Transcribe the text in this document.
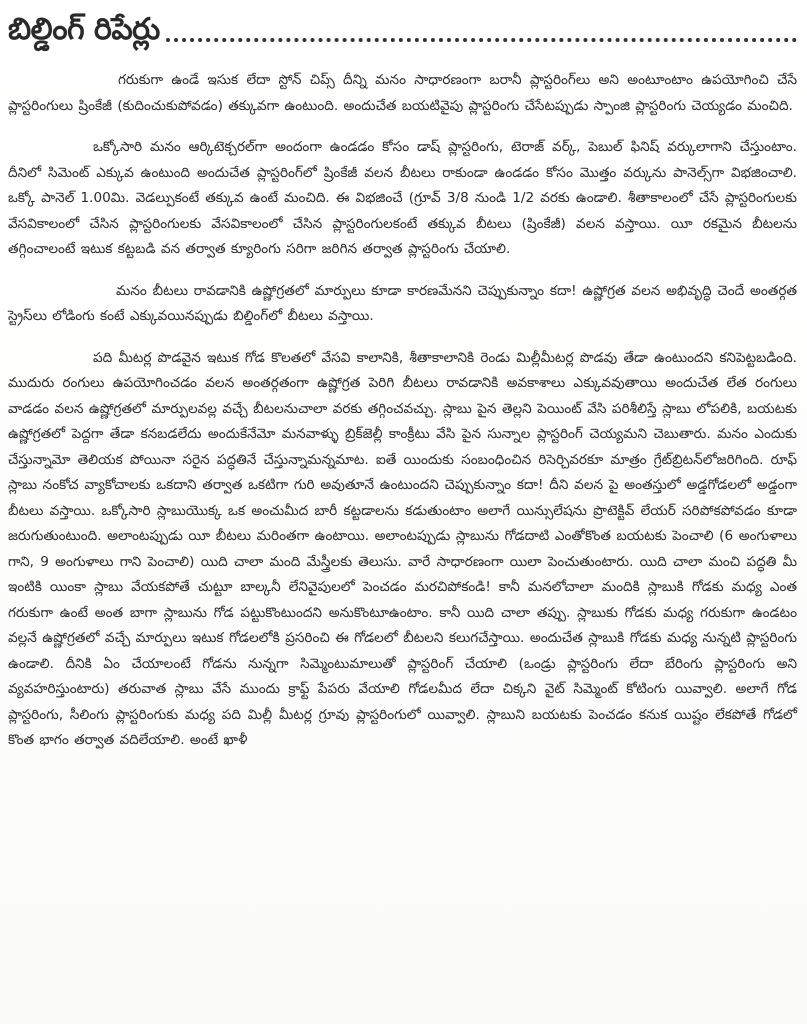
బిల్డింగ్ రిపేర్లు

గరుకుగా ఉండే ఇసుక లేదా స్టోన్ చిప్స్ దీన్ని మనం సాధారణంగా బరానీ ప్లాస్టరింగ్‌లు అని అంటూంటాం ఉపయోగించి చేసే ప్లాస్టరింగులు ష్రింకేజీ (కుదించుకుపోవడం) తక్కువగా ఉంటుంది. అందుచేత బయటివైపు ప్లాస్టరింగు చేసేటప్పుడు స్పాంజి ప్లాస్టరింగు చెయ్యడం మంచిది.

ఒక్కోసారి మనం ఆర్కిటెక్చరల్‌గా అందంగా ఉండడం కోసం డాష్ ప్లాస్టరింగు, టెరాజ్ వర్క్, పెబుల్ ఫినిష్ వర్కులాగాని చేస్తుంటాం. దీనిలో సిమెంట్ ఎక్కువ ఉంటుంది అందుచేత ప్లాస్టరింగ్‌లో ష్రింకేజీ వలన బీటలు రాకుండా ఉండడం కోసం మొత్తం వర్కును పానెల్స్‌గా విభజించాలి. ఒక్కో పానెల్ 1.00మి. వెడల్పుకంటే తక్కువ ఉంటే మంచిది. ఈ విభజించే (గ్రూవ్ 3/8 నుండి 1/2 వరకు ఉండాలి. శీతాకాలంలో చేసే ప్లాస్టరింగులకు వేసవికాలంలో చేసిన ప్లాస్టరింగులకు వేసవికాలంలో చేసిన ప్లాస్టరింగులకంటే తక్కువ బీటలు (ష్రింకేజీ) వలన వస్తాయి. యీ రకమైన బీటలను తగ్గించాలంటే ఇటుక కట్టబడి వన తర్వాత క్యూరింగు సరిగా జరిగిన తర్వాత ప్లాస్టరింగు చేయాలి.

మనం బీటలు రావడానికి ఉష్ణోగ్రతలో మార్పులు కూడా కారణమేనని చెప్పుకున్నాం కదా! ఉష్ణోగ్రత వలన అభివృద్ధి చెందే అంతర్గత స్ట్రెస్‌లు లోడింగు కంటే ఎక్కువయినప్పుడు బిల్డింగ్‌లో బీటలు వస్తాయి.

పది మీటర్ల పొడవైన ఇటుక గోడ కొలతలో వేసవి కాలానికి, శీతాకాలానికి రెండు మిల్లీమీటర్ల పొడవు తేడా ఉంటుందని కనిపెట్టబడింది. ముదురు రంగులు ఉపయోగించడం వలన అంతర్గతంగా ఉష్ణోగ్రత పెరిగి బీటలు రావడానికి అవకాశాలు ఎక్కువవుతాయి అందుచేత లేత రంగులు వాడడం వలన ఉష్ణోగ్రతలో మార్పులవల్ల వచ్చే బీటలనుచాలా వరకు తగ్గించవచ్చు. స్లాబు పైన తెల్లని పెయింట్ వేసి పరిశీలిస్తే స్లాబు లోపలికి, బయటకు ఉష్ణోగ్రతలో పెద్దగా తేడా కనబడలేదు అందుకేనేమో మనవాళ్ళు బ్రిక్‌జెల్లీ కాంక్రీటు వేసి పైన సున్నాల ప్లాస్టరింగ్ చెయ్యమని చెబుతారు. మనం ఎందుకు చేస్తున్నామో తెలియక పోయినా సరైన పద్ధతినే చేస్తున్నామన్నమాట. ఐతే యిందుకు సంబంధించిన రిసెర్చివరకూ మాత్రం గ్రేట్‌బ్రిటన్‌లోజరిగింది. రూఫ్ స్లాబు నంకోచ వ్యాకోచాలకు ఒకదాని తర్వాత ఒకటిగా గురి అవుతూనే ఉంటుందని చెప్పుకున్నాం కదా! దీని వలన పై అంతస్తులో అడ్డగోడలలో అడ్డంగా బీటలు వస్తాయి. ఒక్కోసారి స్లాబుయొక్క ఒక అంచుమీద బారీ కట్టడాలను కడుతుంటాం అలాగే యిన్సులేషను ప్రొటెక్టివ్ లేయర్ సరిపోకపోవడం కూడా జరుగుతుంటుంది. అలాంటప్పుడు యీ బీటలు మరింతగా ఉంటాయి. అలాంటప్పుడు స్లాబును గోడదాటి ఎంతోకొంత బయటకు పెంచాలి (6 అంగుళాలు గాని, 9 అంగుళాలు గాని పెంచాలి) యిది చాలా మంది మేస్త్రీలకు తెలుసు. వారే సాధారణంగా యిలా పెంచుతుంటారు. యిది చాలా మంచి పద్ధతి మీ ఇంటికి యింకా స్లాబు వేయకపోతే చుట్టూ బాల్కనీ లేనివైపులలో పెంచడం మరచిపోకండి! కానీ మనలోచాలా మందికి స్లాబుకి గోడకు మధ్య ఎంత గరుకుగా ఉంటే అంత బాగా స్లాబును గోడ పట్టుకొంటుందని అనుకొంటూఉంటాం. కానీ యిది చాలా తప్పు. స్లాబుకు గోడకు మధ్య గరుకుగా ఉండటం వల్లనే ఉష్ణోగ్రతలో వచ్చే మార్పులు ఇటుక గోడలలోకి ప్రసరించి ఈ గోడలలో బీటలని కలుగచేస్తాయి. అందుచేత స్లాబుకి గోడకు మధ్య నున్నటి ప్లాస్టరింగు ఉండాలి. దీనికి ఏం చేయాలంటే గోడను నున్నగా సిమ్మెంటుమాలుతో ప్లాస్టరింగ్ చేయాలి (ఒండ్రు ప్లాస్టరింగు లేదా బేరింగు ప్లాస్టరింగు అని వ్యవహరిస్తుంటారు) తరువాత స్లాబు వేసే ముందు క్రాఫ్ట్ పేపరు వేయాలి గోడలమీద లేదా చిక్కని వైట్ సిమ్మెంట్ కోటింగు యివ్వాలి. అలాగే గోడ ప్లాస్టరింగు, సీలింగు ప్లాస్టరింగుకు మధ్య పది మిల్లీ మీటర్ల గ్రూవు ప్లాస్టరింగులో యివ్వాలి. స్లాబుని బయటకు పెంచడం కనుక యిష్టం లేకపోతే గోడలో కొంత భాగం తర్వాత వదిలేయాలి. అంటే ఖాళీ
